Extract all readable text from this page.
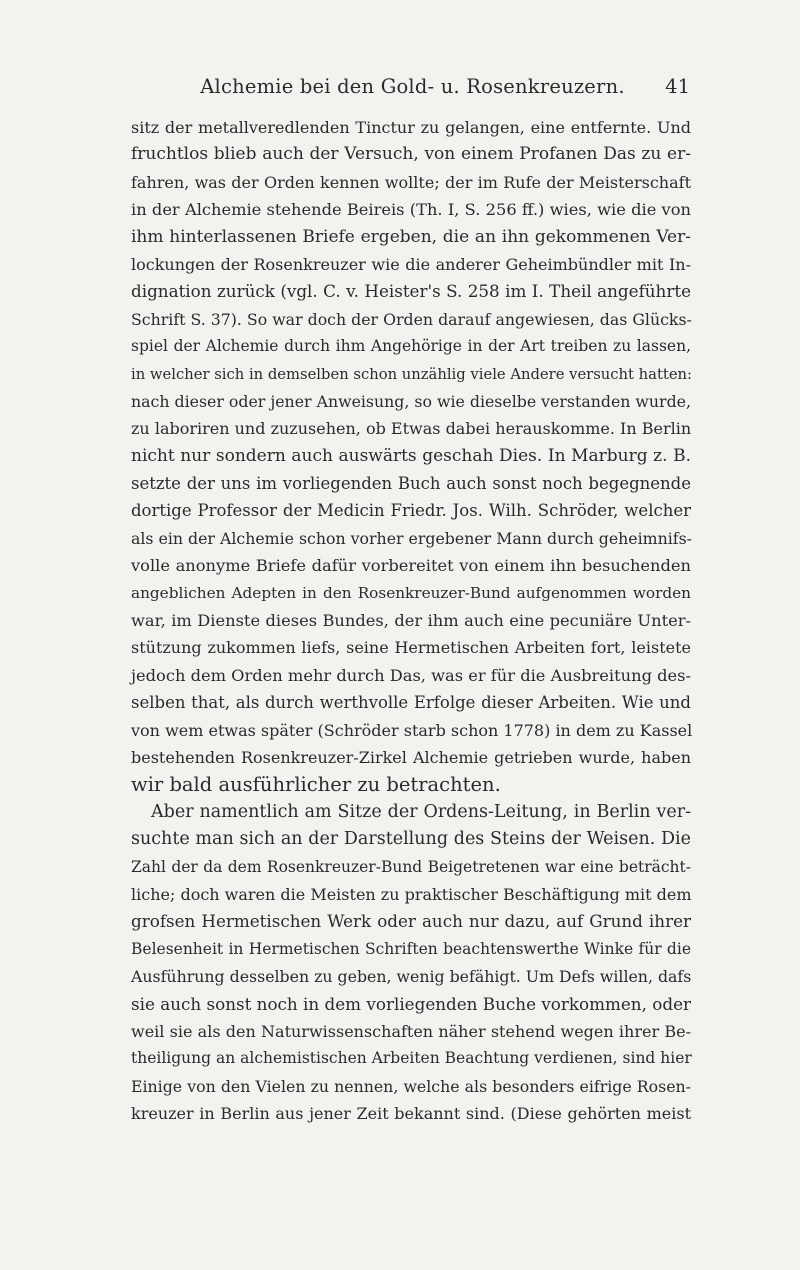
Alchemie bei den Gold- u. Rosenkreuzern.	41
sitz der metallveredlenden Tinctur zu gelangen, eine entfernte. Und
fruchtlos blieb auch der Versuch, von einem Profanen Das zu er-
fahren, was der Orden kennen wollte; der im Rufe der Meisterschaft
in der Alchemie stehende Beireis (Th. I, S. 256 ff.) wies, wie die von
ihm hinterlassenen Briefe ergeben, die an ihn gekommenen Ver-
lockungen der Rosenkreuzer wie die anderer Geheimbündler mit In-
dignation zurück (vgl. C. v. Heister's S. 258 im I. Theil angeführte
Schrift S. 37). So war doch der Orden darauf angewiesen, das Glücks-
spiel der Alchemie durch ihm Angehörige in der Art treiben zu lassen,
in welcher sich in demselben schon unzählig viele Andere versucht hatten:
nach dieser oder jener Anweisung, so wie dieselbe verstanden wurde,
zu laboriren und zuzusehen, ob Etwas dabei herauskomme. In Berlin
nicht nur sondern auch auswärts geschah Dies. In Marburg z. B.
setzte der uns im vorliegenden Buch auch sonst noch begegnende
dortige Professor der Medicin Friedr. Jos. Wilh. Schröder, welcher
als ein der Alchemie schon vorher ergebener Mann durch geheimnifs-
volle anonyme Briefe dafür vorbereitet von einem ihn besuchenden
angeblichen Adepten in den Rosenkreuzer-Bund aufgenommen worden
war, im Dienste dieses Bundes, der ihm auch eine pecuniäre Unter-
stützung zukommen liefs, seine Hermetischen Arbeiten fort, leistete
jedoch dem Orden mehr durch Das, was er für die Ausbreitung des-
selben that, als durch werthvolle Erfolge dieser Arbeiten. Wie und
von wem etwas später (Schröder starb schon 1778) in dem zu Kassel
bestehenden Rosenkreuzer-Zirkel Alchemie getrieben wurde, haben
wir bald ausführlicher zu betrachten.
Aber namentlich am Sitze der Ordens-Leitung, in Berlin ver-
suchte man sich an der Darstellung des Steins der Weisen. Die
Zahl der da dem Rosenkreuzer-Bund Beigetretenen war eine beträcht-
liche; doch waren die Meisten zu praktischer Beschäftigung mit dem
grofsen Hermetischen Werk oder auch nur dazu, auf Grund ihrer
Belesenheit in Hermetischen Schriften beachtenswerthe Winke für die
Ausführung desselben zu geben, wenig befähigt. Um Defs willen, dafs
sie auch sonst noch in dem vorliegenden Buche vorkommen, oder
weil sie als den Naturwissenschaften näher stehend wegen ihrer Be-
theiligung an alchemistischen Arbeiten Beachtung verdienen, sind hier
Einige von den Vielen zu nennen, welche als besonders eifrige Rosen-
kreuzer in Berlin aus jener Zeit bekannt sind. (Diese gehörten meist
